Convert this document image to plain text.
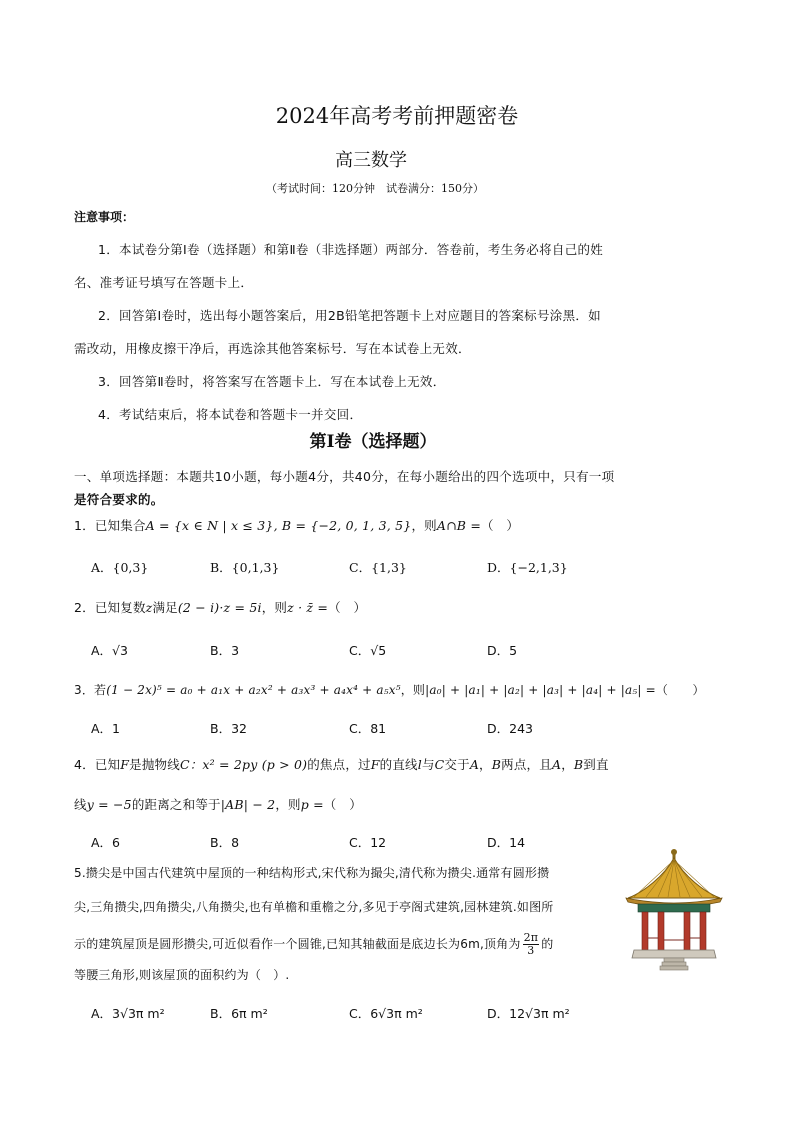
2024年高考考前押题密卷
高三数学
（考试时间：120分钟　试卷满分：150分）
注意事项：
1．本试卷分第Ⅰ卷（选择题）和第Ⅱ卷（非选择题）两部分．答卷前，考生务必将自己的姓
名、准考证号填写在答题卡上．
2．回答第Ⅰ卷时，选出每小题答案后，用2B铅笔把答题卡上对应题目的答案标号涂黑．如
需改动，用橡皮擦干净后，再选涂其他答案标号．写在本试卷上无效．
3．回答第Ⅱ卷时，将答案写在答题卡上．写在本试卷上无效．
4．考试结束后，将本试卷和答题卡一并交回．
第Ⅰ卷（选择题）
一、单项选择题：本题共10小题，每小题4分，共40分，在每小题给出的四个选项中，只有一项
是符合要求的。
1．已知集合A = {x ∈ N | x ≤ 3}, B = {−2, 0, 1, 3, 5}，则A∩B =（　）
A．{0,3}	B．{0,1,3}	C．{1,3}	D．{−2,1,3}
2．已知复数z满足(2 − i)·z = 5i，则z · z̄ =（　）
A．√3	B．3	C．√5	D．5
3．若(1 − 2x)⁵ = a₀ + a₁x + a₂x² + a₃x³ + a₄x⁴ + a₅x⁵，则|a₀| + |a₁| + |a₂| + |a₃| + |a₄| + |a₅| =（　　）
A．1	B．32	C．81	D．243
4．已知F是抛物线C：x² = 2py (p > 0)的焦点，过F的直线l与C交于A，B两点，且A，B到直
线y = −5的距离之和等于|AB| − 2，则p =（　）
A．6	B．8	C．12	D．14
5.攒尖是中国古代建筑中屋顶的一种结构形式,宋代称为撮尖,清代称为攒尖.通常有圆形攒
尖,三角攒尖,四角攒尖,八角攒尖,也有单檐和重檐之分,多见于亭阁式建筑,园林建筑.如图所
示的建筑屋顶是圆形攒尖,可近似看作一个圆锥,已知其轴截面是底边长为6m,顶角为 $\frac{2\pi}{3}$ 的
等腰三角形,则该屋顶的面积约为（　）.
A．3√3π m²	B．6π m²	C．6√3π m²	D．12√3π m²
